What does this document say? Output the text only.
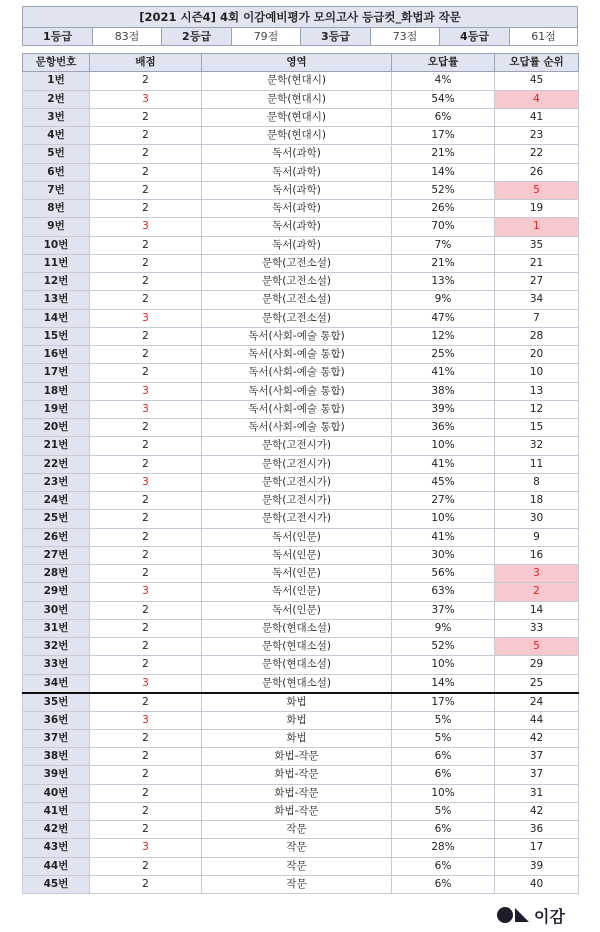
[2021 시즌4] 4회 이감예비평가 모의고사 등급컷_화법과 작문
1등급	83점	2등급	79점	3등급	73점	4등급	61점
문항번호	배점	영역	오답률	오답률 순위
1번	2	문학(현대시)	4%	45
2번	3	문학(현대시)	54%	4
3번	2	문학(현대시)	6%	41
4번	2	문학(현대시)	17%	23
5번	2	독서(과학)	21%	22
6번	2	독서(과학)	14%	26
7번	2	독서(과학)	52%	5
8번	2	독서(과학)	26%	19
9번	3	독서(과학)	70%	1
10번	2	독서(과학)	7%	35
11번	2	문학(고전소설)	21%	21
12번	2	문학(고전소설)	13%	27
13번	2	문학(고전소설)	9%	34
14번	3	문학(고전소설)	47%	7
15번	2	독서(사회-예술 통합)	12%	28
16번	2	독서(사회-예술 통합)	25%	20
17번	2	독서(사회-예술 통합)	41%	10
18번	3	독서(사회-예술 통합)	38%	13
19번	3	독서(사회-예술 통합)	39%	12
20번	2	독서(사회-예술 통합)	36%	15
21번	2	문학(고전시가)	10%	32
22번	2	문학(고전시가)	41%	11
23번	3	문학(고전시가)	45%	8
24번	2	문학(고전시가)	27%	18
25번	2	문학(고전시가)	10%	30
26번	2	독서(인문)	41%	9
27번	2	독서(인문)	30%	16
28번	2	독서(인문)	56%	3
29번	3	독서(인문)	63%	2
30번	2	독서(인문)	37%	14
31번	2	문학(현대소설)	9%	33
32번	2	문학(현대소설)	52%	5
33번	2	문학(현대소설)	10%	29
34번	3	문학(현대소설)	14%	25
35번	2	화법	17%	24
36번	3	화법	5%	44
37번	2	화법	5%	42
38번	2	화법-작문	6%	37
39번	2	화법-작문	6%	37
40번	2	화법-작문	10%	31
41번	2	화법-작문	5%	42
42번	2	작문	6%	36
43번	3	작문	28%	17
44번	2	작문	6%	39
45번	2	작문	6%	40
이감
